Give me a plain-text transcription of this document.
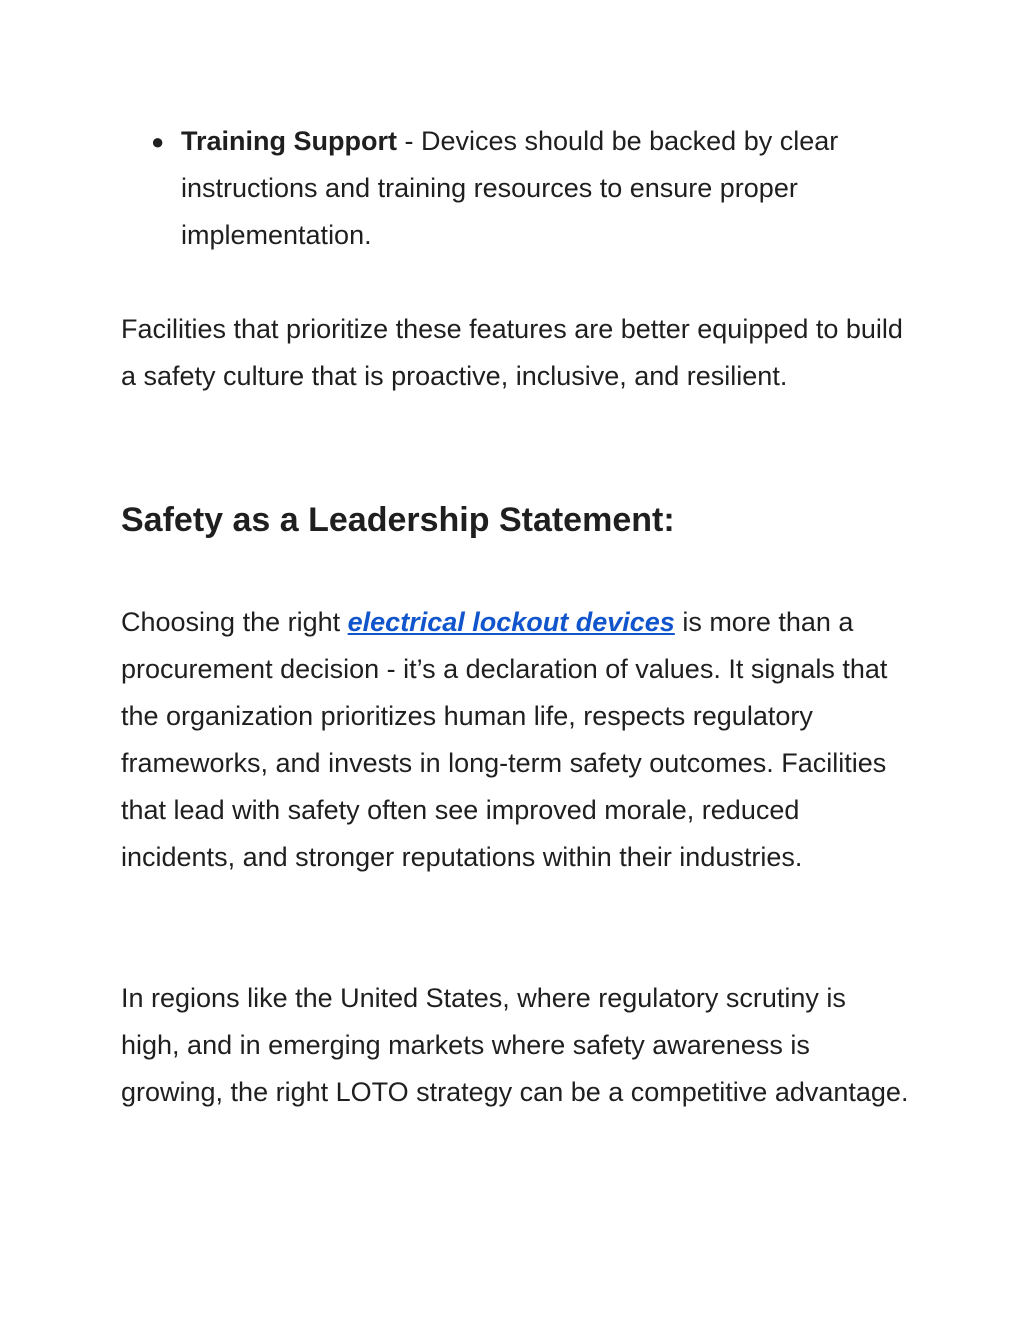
● Training Support - Devices should be backed by clear instructions and training resources to ensure proper implementation.

Facilities that prioritize these features are better equipped to build a safety culture that is proactive, inclusive, and resilient.

Safety as a Leadership Statement:

Choosing the right electrical lockout devices is more than a procurement decision - it’s a declaration of values. It signals that the organization prioritizes human life, respects regulatory frameworks, and invests in long-term safety outcomes. Facilities that lead with safety often see improved morale, reduced incidents, and stronger reputations within their industries.

In regions like the United States, where regulatory scrutiny is high, and in emerging markets where safety awareness is growing, the right LOTO strategy can be a competitive advantage.
